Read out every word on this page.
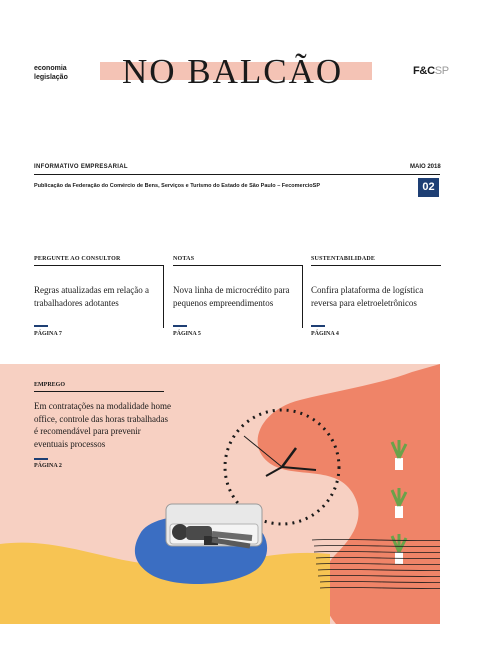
economia
legislação NO BALCÃO	F&CSP
INFORMATIVO EMPRESARIAL	MAIO 2018
Publicação da Federação do Comércio de Bens, Serviços e Turismo do Estado de São Paulo – FecomercioSP	02
PERGUNTE AO CONSULTOR
Regras atualizadas em relação a trabalhadores adotantes
PÁGINA 7
NOTAS
Nova linha de microcrédito para pequenos empreendimentos
PÁGINA 5
SUSTENTABILIDADE
Confira plataforma de logística reversa para eletroeletrônicos
PÁGINA 4
EMPREGO
Em contratações na modalidade home office, controle das horas trabalhadas é recomendável para prevenir eventuais processos
PÁGINA 2
